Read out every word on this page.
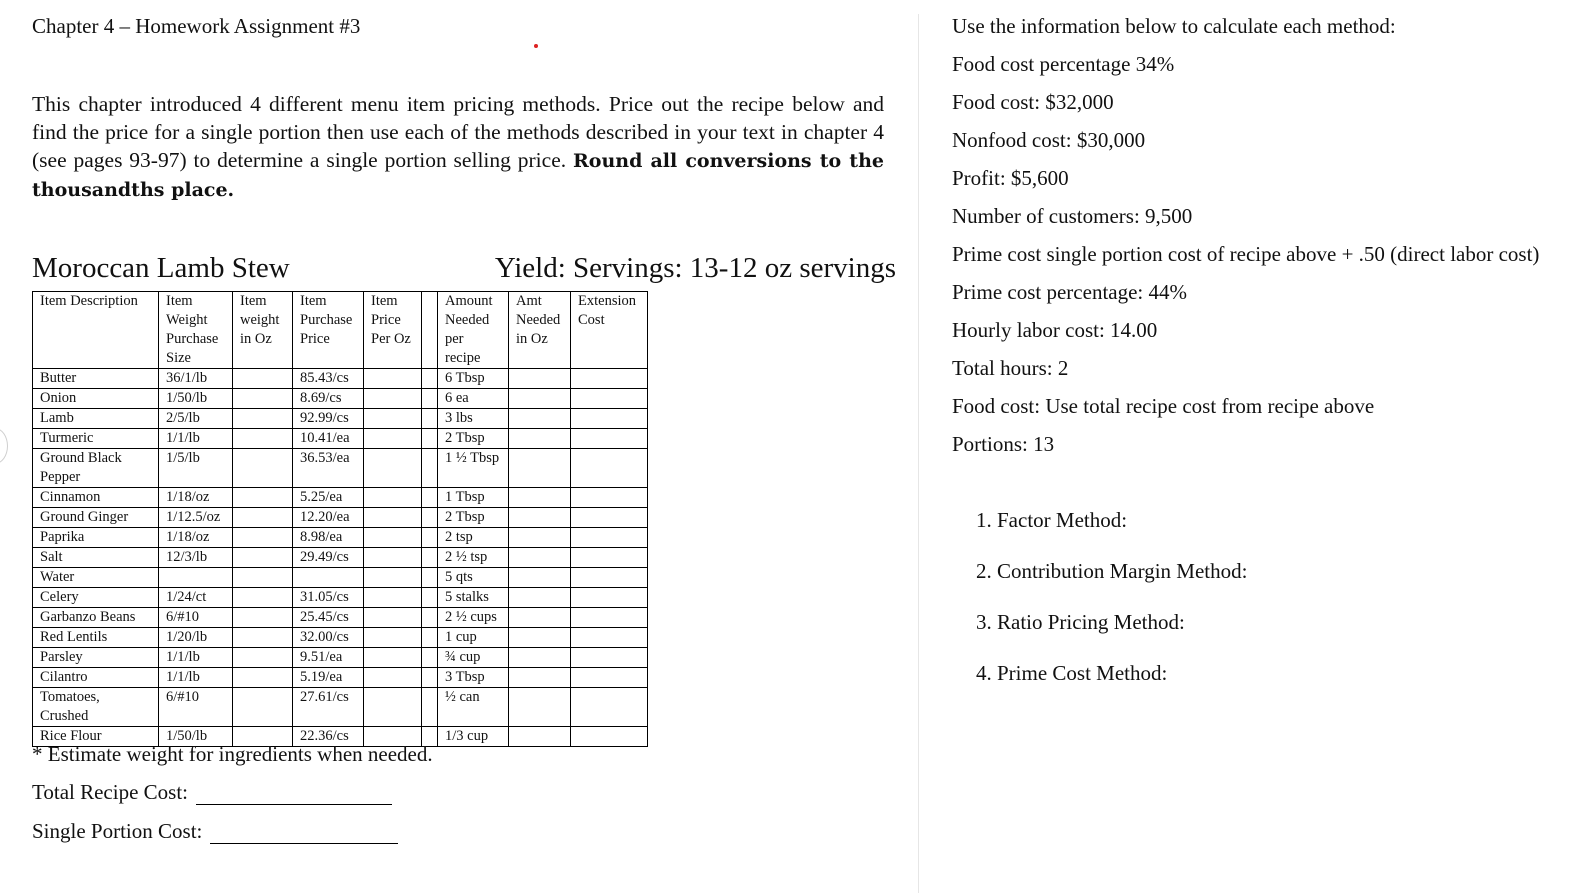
Chapter 4 – Homework Assignment #3
This chapter introduced 4 different menu item pricing methods. Price out the recipe below and find the price for a single portion then use each of the methods described in your text in chapter 4 (see pages 93-97) to determine a single portion selling price. Round all conversions to the thousandths place.
Moroccan Lamb Stew	Yield: Servings: 13-12 oz servings
Item Description	Item Weight Purchase Size	Item weight in Oz	Item Purchase Price	Item Price Per Oz		Amount Needed per recipe	Amt Needed in Oz	Extension Cost
Butter	36/1/lb		85.43/cs			6 Tbsp		
Onion	1/50/lb		8.69/cs			6 ea		
Lamb	2/5/lb		92.99/cs			3 lbs		
Turmeric	1/1/lb		10.41/ea			2 Tbsp		
Ground Black Pepper	1/5/lb		36.53/ea			1 ½ Tbsp		
Cinnamon	1/18/oz		5.25/ea			1 Tbsp		
Ground Ginger	1/12.5/oz		12.20/ea			2 Tbsp		
Paprika	1/18/oz		8.98/ea			2 tsp		
Salt	12/3/lb		29.49/cs			2 ½ tsp		
Water						5 qts		
Celery	1/24/ct		31.05/cs			5 stalks		
Garbanzo Beans	6/#10		25.45/cs			2 ½ cups		
Red Lentils	1/20/lb		32.00/cs			1 cup		
Parsley	1/1/lb		9.51/ea			¾ cup		
Cilantro	1/1/lb		5.19/ea			3 Tbsp		
Tomatoes, Crushed	6/#10		27.61/cs			½ can		
Rice Flour	1/50/lb		22.36/cs			1/3 cup		
* Estimate weight for ingredients when needed.
Total Recipe Cost:
Single Portion Cost:
Use the information below to calculate each method:
Food cost percentage 34%
Food cost: $32,000
Nonfood cost: $30,000
Profit: $5,600
Number of customers: 9,500
Prime cost single portion cost of recipe above + .50 (direct labor cost)
Prime cost percentage: 44%
Hourly labor cost: 14.00
Total hours: 2
Food cost: Use total recipe cost from recipe above
Portions: 13
1. Factor Method:
2. Contribution Margin Method:
3. Ratio Pricing Method:
4. Prime Cost Method:
